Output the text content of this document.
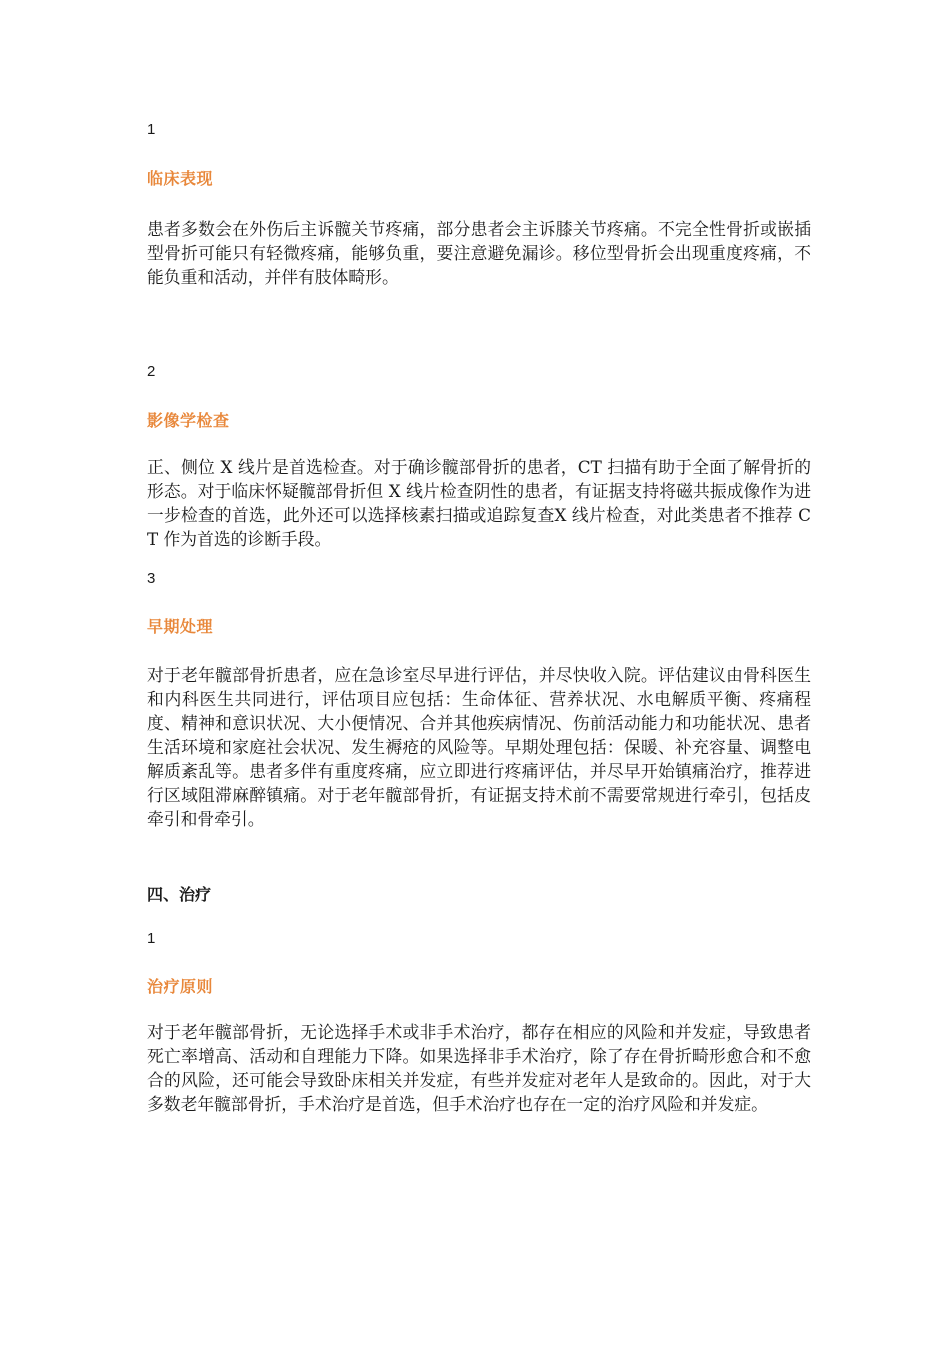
1
临床表现

患者多数会在外伤后主诉髋关节疼痛，部分患者会主诉膝关节疼痛。不完全性骨折或嵌插型骨折可能只有轻微疼痛，能够负重，要注意避免漏诊。移位型骨折会出现重度疼痛，不能负重和活动，并伴有肢体畸形。

2
影像学检查

正、侧位 X 线片是首选检查。对于确诊髋部骨折的患者，CT 扫描有助于全面了解骨折的形态。对于临床怀疑髋部骨折但 X 线片检查阴性的患者，有证据支持将磁共振成像作为进一步检查的首选，此外还可以选择核素扫描或追踪复查X 线片检查，对此类患者不推荐 CT 作为首选的诊断手段。

3
早期处理

对于老年髋部骨折患者，应在急诊室尽早进行评估，并尽快收入院。评估建议由骨科医生和内科医生共同进行，评估项目应包括：生命体征、营养状况、水电解质平衡、疼痛程度、精神和意识状况、大小便情况、合并其他疾病情况、伤前活动能力和功能状况、患者生活环境和家庭社会状况、发生褥疮的风险等。早期处理包括：保暖、补充容量、调整电解质紊乱等。患者多伴有重度疼痛，应立即进行疼痛评估，并尽早开始镇痛治疗，推荐进行区域阻滞麻醉镇痛。对于老年髋部骨折，有证据支持术前不需要常规进行牵引，包括皮牵引和骨牵引。

四、治疗
1
治疗原则

对于老年髋部骨折，无论选择手术或非手术治疗，都存在相应的风险和并发症，导致患者死亡率增高、活动和自理能力下降。如果选择非手术治疗，除了存在骨折畸形愈合和不愈合的风险，还可能会导致卧床相关并发症，有些并发症对老年人是致命的。因此，对于大多数老年髋部骨折，手术治疗是首选，但手术治疗也存在一定的治疗风险和并发症。
